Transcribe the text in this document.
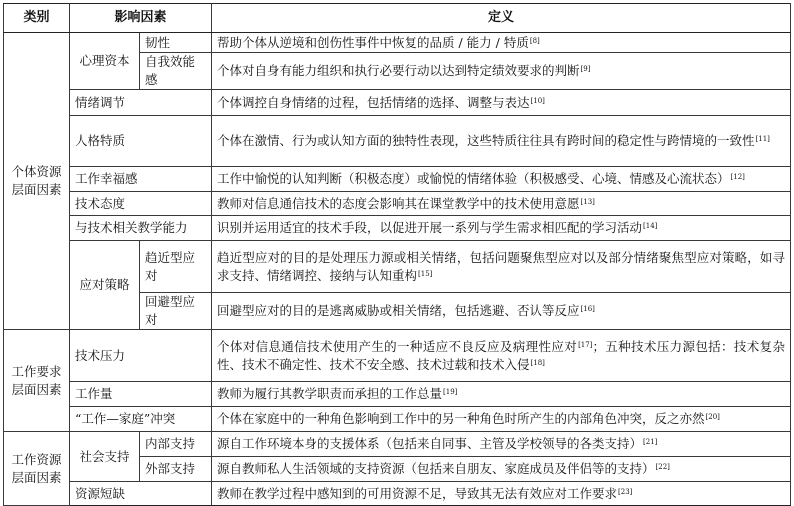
类别	影响因素		定义
个体资源层面因素	心理资本	韧性	帮助个体从逆境和创伤性事件中恢复的品质 / 能力 / 特质[8]
		自我效能感	个体对自身有能力组织和执行必要行动以达到特定绩效要求的判断[9]
	情绪调节		个体调控自身情绪的过程，包括情绪的选择、调整与表达[10]
	人格特质		个体在激情、行为或认知方面的独特性表现，这些特质往往具有跨时间的稳定性与跨情境的一致性[11]
	工作幸福感		工作中愉悦的认知判断（积极态度）或愉悦的情绪体验（积极感受、心境、情感及心流状态）[12]
	技术态度		教师对信息通信技术的态度会影响其在课堂教学中的技术使用意愿[13]
	与技术相关教学能力		识别并运用适宜的技术手段，以促进开展一系列与学生需求相匹配的学习活动[14]
	应对策略	趋近型应对	趋近型应对的目的是处理压力源或相关情绪，包括问题聚焦型应对以及部分情绪聚焦型应对策略，如寻求支持、情绪调控、接纳与认知重构[15]
		回避型应对	回避型应对的目的是逃离威胁或相关情绪，包括逃避、否认等反应[16]
工作要求层面因素	技术压力		个体对信息通信技术使用产生的一种适应不良反应及病理性应对[17]；五种技术压力源包括：技术复杂性、技术不确定性、技术不安全感、技术过载和技术入侵[18]
	工作量		教师为履行其教学职责而承担的工作总量[19]
	“工作—家庭”冲突		个体在家庭中的一种角色影响到工作中的另一种角色时所产生的内部角色冲突，反之亦然[20]
工作资源层面因素	社会支持	内部支持	源自工作环境本身的支援体系（包括来自同事、主管及学校领导的各类支持）[21]
		外部支持	源自教师私人生活领域的支持资源（包括来自朋友、家庭成员及伴侣等的支持）[22]
	资源短缺		教师在教学过程中感知到的可用资源不足，导致其无法有效应对工作要求[23]
